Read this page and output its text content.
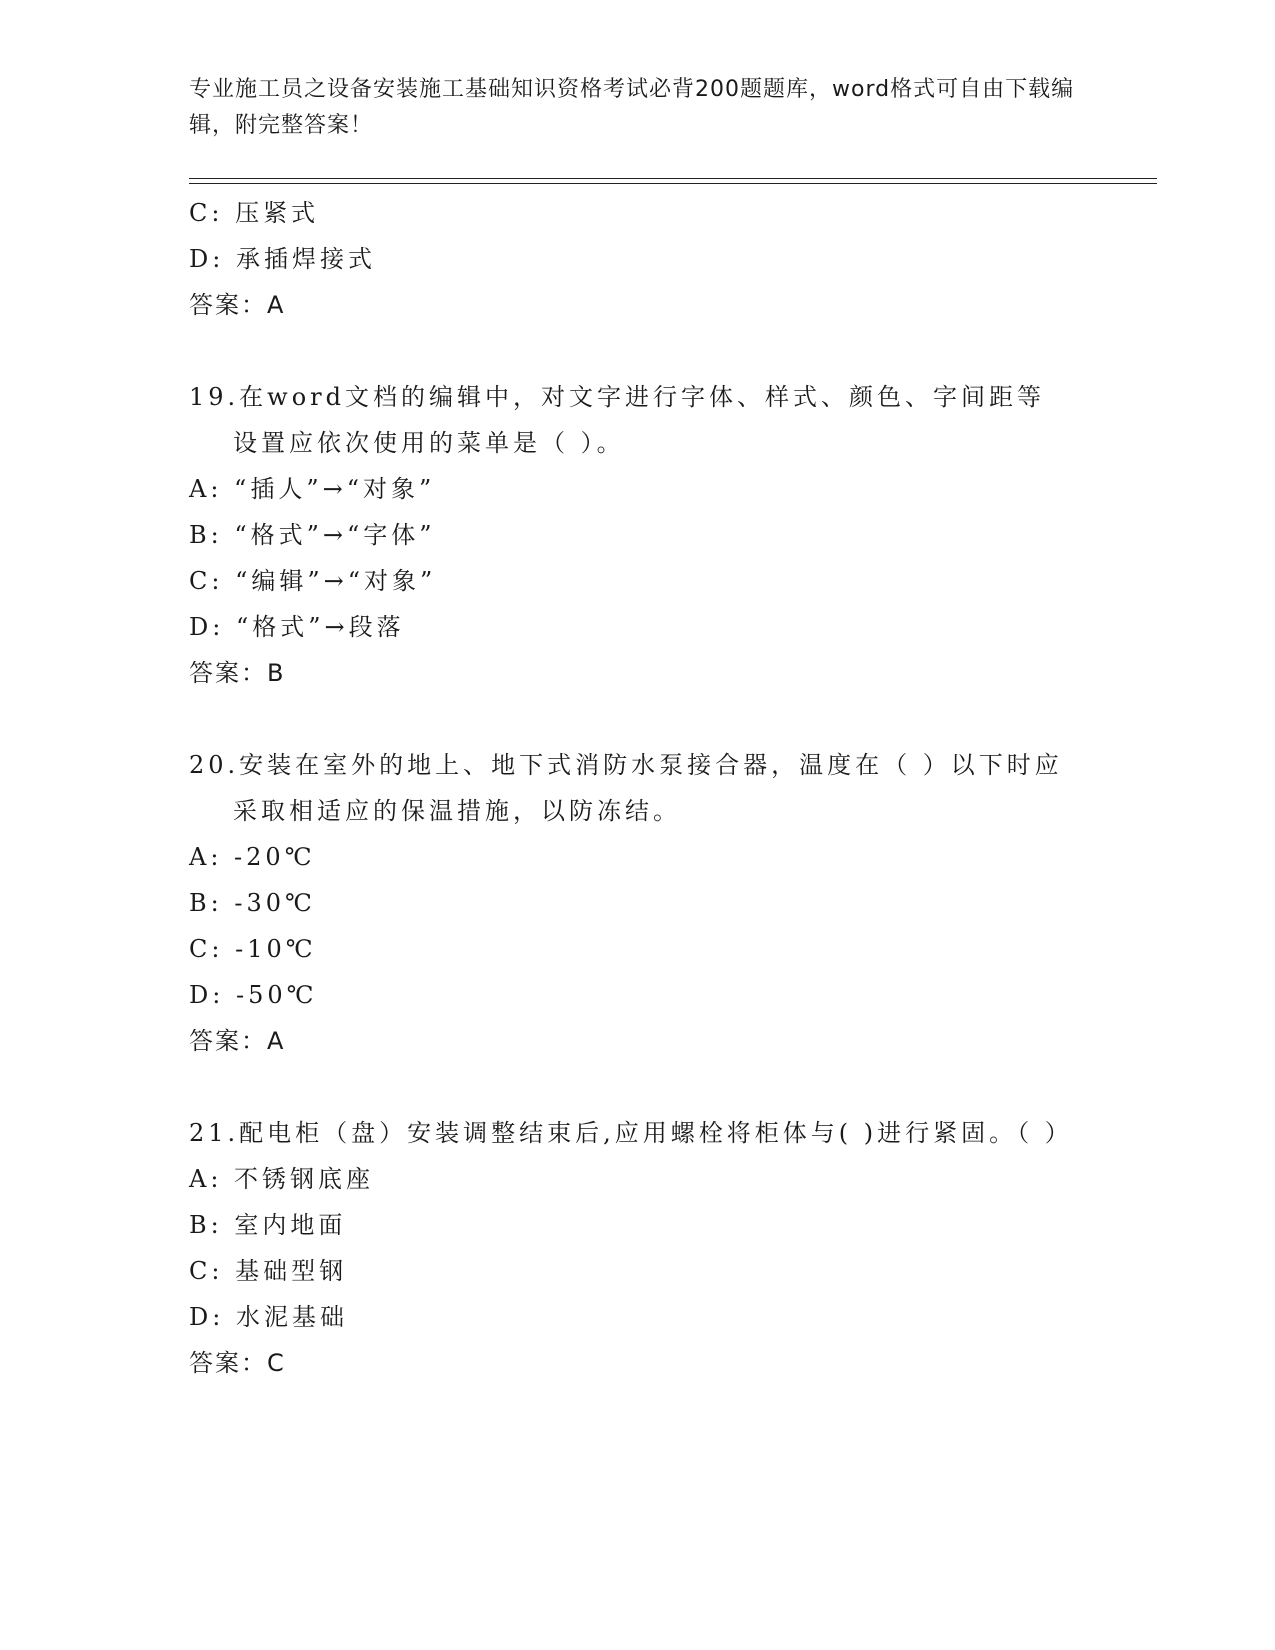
专业施工员之设备安装施工基础知识资格考试必背200题题库，word格式可自由下载编辑，附完整答案！
C: 压紧式
D: 承插焊接式
答案：A
19.在word文档的编辑中，对文字进行字体、样式、颜色、字间距等设置应依次使用的菜单是（ ）。
A: “插人”→“对象”
B: “格式”→“字体”
C: “编辑”→“对象”
D: “格式”→段落
答案：B
20.安装在室外的地上、地下式消防水泵接合器，温度在（ ）以下时应采取相适应的保温措施，以防冻结。
A: -20℃
B: -30℃
C: -10℃
D: -50℃
答案：A
21.配电柜（盘）安装调整结束后,应用螺栓将柜体与( )进行紧固。（ ）
A: 不锈钢底座
B: 室内地面
C: 基础型钢
D: 水泥基础
答案：C
